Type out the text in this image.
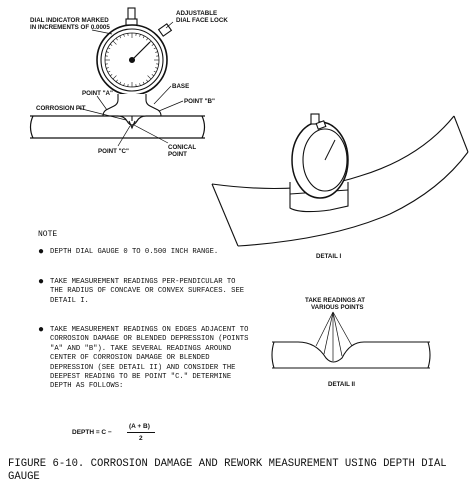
DIAL INDICATOR MARKED
IN INCREMENTS OF 0.0005
ADJUSTABLE
DIAL FACE LOCK
BASE
POINT "A"
POINT "B"
CORROSION PIT
POINT "C"
CONICAL
POINT
DETAIL I
TAKE READINGS AT
VARIOUS POINTS
DETAIL II
NOTE
● DEPTH DIAL GAUGE 0 TO 0.500 INCH RANGE.
● TAKE MEASUREMENT READINGS PER-PENDICULAR TO THE RADIUS OF CONCAVE OR CONVEX SURFACES. SEE DETAIL I.
● TAKE MEASUREMENT READINGS ON EDGES ADJACENT TO CORROSION DAMAGE OR BLENDED DEPRESSION (POINTS "A" AND "B"). TAKE SEVERAL READINGS AROUND CENTER OF CORROSION DAMAGE OR BLENDED DEPRESSION (SEE DETAIL II) AND CONSIDER THE DEEPEST READING TO BE POINT "C." DETERMINE DEPTH AS FOLLOWS:
DEPTH = C −
(A + B)
2
FIGURE 6-10. CORROSION DAMAGE AND REWORK MEASUREMENT USING DEPTH DIAL GAUGE
